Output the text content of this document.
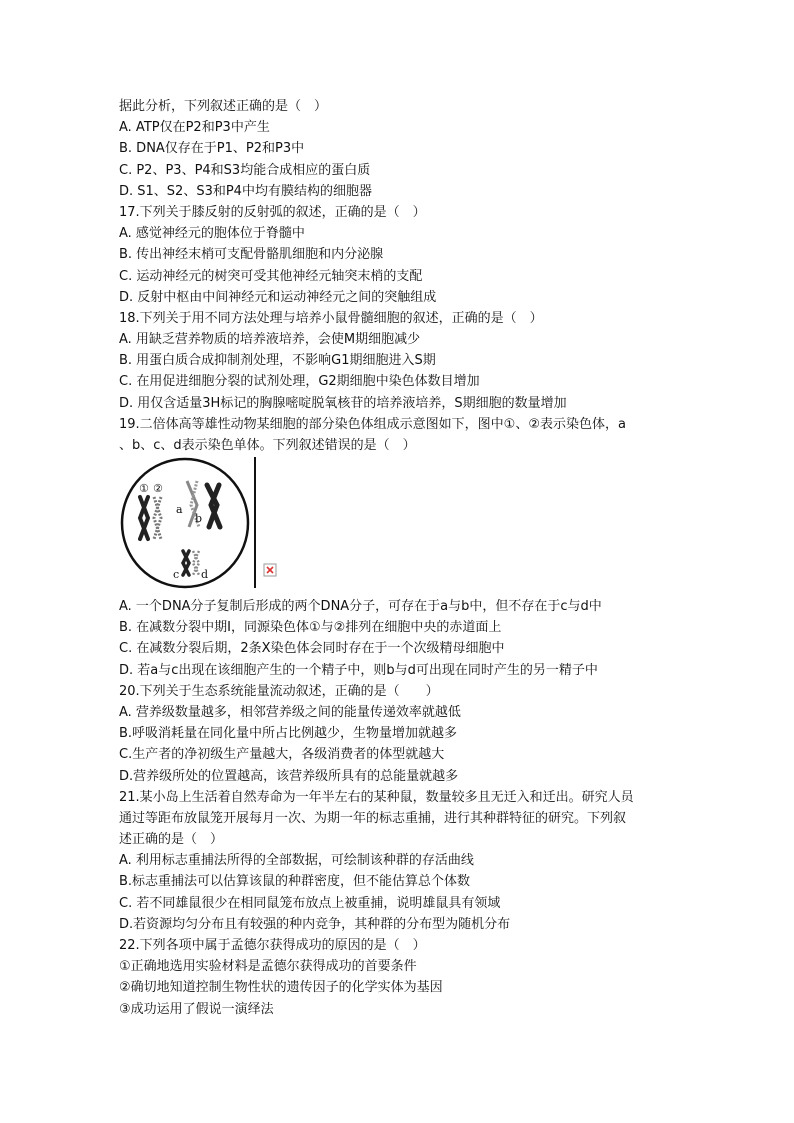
据此分析，下列叙述正确的是（　）
A. ATP仅在P2和P3中产生
B. DNA仅存在于P1、P2和P3中
C. P2、P3、P4和S3均能合成相应的蛋白质
D. S1、S2、S3和P4中均有膜结构的细胞器
17.下列关于膝反射的反射弧的叙述，正确的是（　）
A. 感觉神经元的胞体位于脊髓中
B. 传出神经末梢可支配骨骼肌细胞和内分泌腺
C. 运动神经元的树突可受其他神经元轴突末梢的支配
D. 反射中枢由中间神经元和运动神经元之间的突触组成
18.下列关于用不同方法处理与培养小鼠骨髓细胞的叙述，正确的是（　）
A. 用缺乏营养物质的培养液培养，会使M期细胞减少
B. 用蛋白质合成抑制剂处理，不影响G1期细胞进入S期
C. 在用促进细胞分裂的试剂处理，G2期细胞中染色体数目增加
D. 用仅含适量3H标记的胸腺嘧啶脱氧核苷的培养液培养，S期细胞的数量增加
19.二倍体高等雄性动物某细胞的部分染色体组成示意图如下，图中①、②表示染色体，a
、b、c、d表示染色单体。下列叙述错误的是（　）
① ②
a
b
c d
A. 一个DNA分子复制后形成的两个DNA分子，可存在于a与b中，但不存在于c与d中
B. 在减数分裂中期Ⅰ，同源染色体①与②排列在细胞中央的赤道面上
C. 在减数分裂后期，2条X染色体会同时存在于一个次级精母细胞中
D. 若a与c出现在该细胞产生的一个精子中，则b与d可出现在同时产生的另一精子中
20.下列关于生态系统能量流动叙述，正确的是（　　）
A. 营养级数量越多，相邻营养级之间的能量传递效率就越低
B.呼吸消耗量在同化量中所占比例越少，生物量增加就越多
C.生产者的净初级生产量越大，各级消费者的体型就越大
D.营养级所处的位置越高，该营养级所具有的总能量就越多
21.某小岛上生活着自然寿命为一年半左右的某种鼠，数量较多且无迁入和迁出。研究人员
通过等距布放鼠笼开展每月一次、为期一年的标志重捕，进行其种群特征的研究。下列叙
述正确的是（　）
A. 利用标志重捕法所得的全部数据，可绘制该种群的存活曲线
B.标志重捕法可以估算该鼠的种群密度，但不能估算总个体数
C. 若不同雄鼠很少在相同鼠笼布放点上被重捕，说明雄鼠具有领域
D.若资源均匀分布且有较强的种内竞争，其种群的分布型为随机分布
22.下列各项中属于孟德尔获得成功的原因的是（　）
①正确地选用实验材料是孟德尔获得成功的首要条件
②确切地知道控制生物性状的遗传因子的化学实体为基因
③成功运用了假说一演绎法
